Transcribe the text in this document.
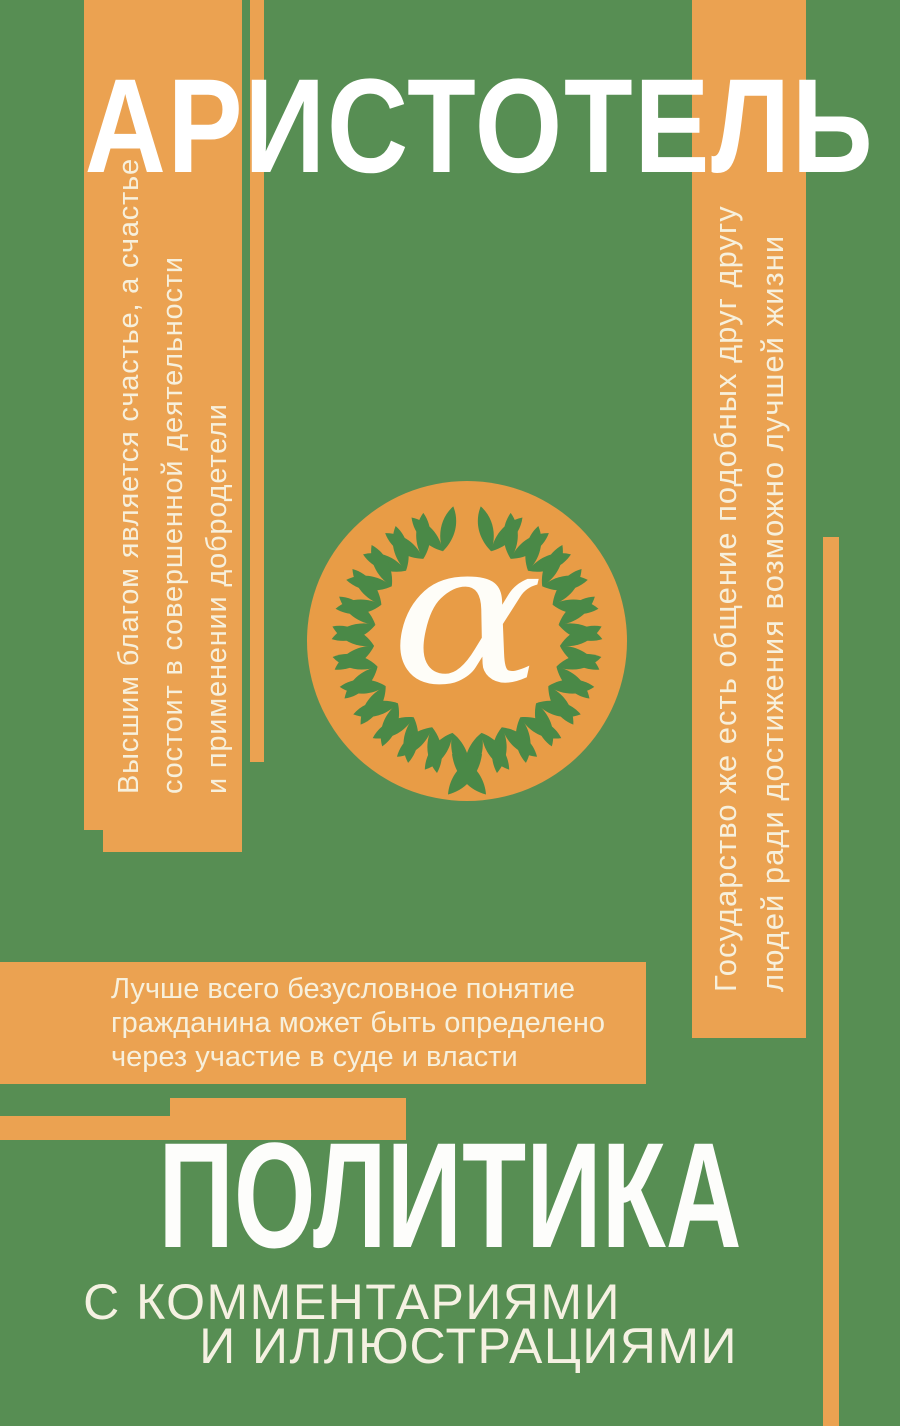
Высшим благом является счастье, а счастье состоит в совершенной деятельности и применении добродетели	Государство же есть общение подобных друг другу людей ради достижения возможно лучшей жизни
АРИСТОТЕЛЬ
α
Лучше всего безусловное понятие
гражданина может быть определено
через участие в суде и власти
ПОЛИТИКА
С КОММЕНТАРИЯМИ
И ИЛЛЮСТРАЦИЯМИ
